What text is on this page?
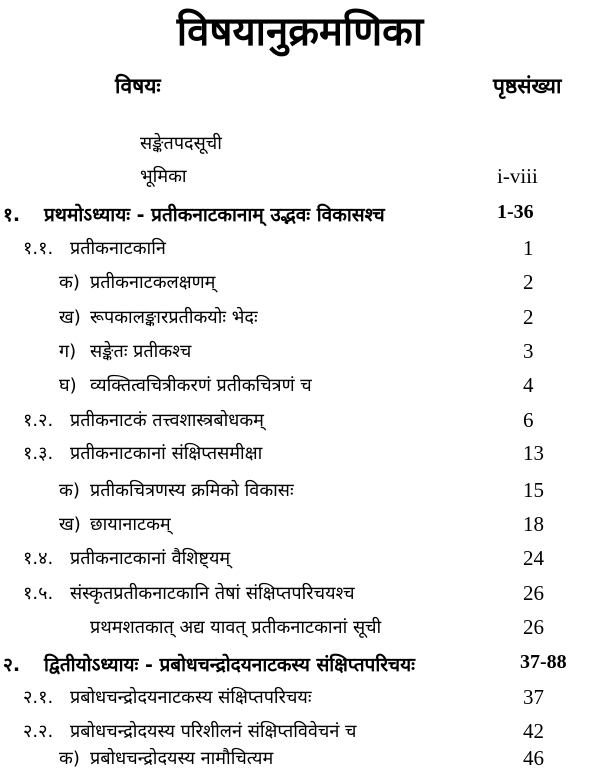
विषयानुक्रमणिका
विषयः	पृष्ठसंख्या
सङ्केतपदसूची
भूमिका	i-viii
१. प्रथमोऽध्यायः - प्रतीकनाटकानाम् उद्भवः विकासश्च	1-36
१.१. प्रतीकनाटकानि	1
क) प्रतीकनाटकलक्षणम्	2
ख) रूपकालङ्कारप्रतीकयोः भेदः	2
ग) सङ्केतः प्रतीकश्च	3
घ) व्यक्तित्वचित्रीकरणं प्रतीकचित्रणं च	4
१.२. प्रतीकनाटकं तत्त्वशास्त्रबोधकम्	6
१.३. प्रतीकनाटकानां संक्षिप्तसमीक्षा	13
क) प्रतीकचित्रणस्य क्रमिको विकासः	15
ख) छायानाटकम्	18
१.४. प्रतीकनाटकानां वैशिष्ट्यम्	24
१.५. संस्कृतप्रतीकनाटकानि तेषां संक्षिप्तपरिचयश्च	26
प्रथमशतकात् अद्य यावत् प्रतीकनाटकानां सूची	26
२. द्वितीयोऽध्यायः - प्रबोधचन्द्रोदयनाटकस्य संक्षिप्तपरिचयः	37-88
२.१. प्रबोधचन्द्रोदयनाटकस्य संक्षिप्तपरिचयः	37
२.२. प्रबोधचन्द्रोदयस्य परिशीलनं संक्षिप्तविवेचनं च	42
क) प्रबोधचन्द्रोदयस्य नामौचित्यम	46
